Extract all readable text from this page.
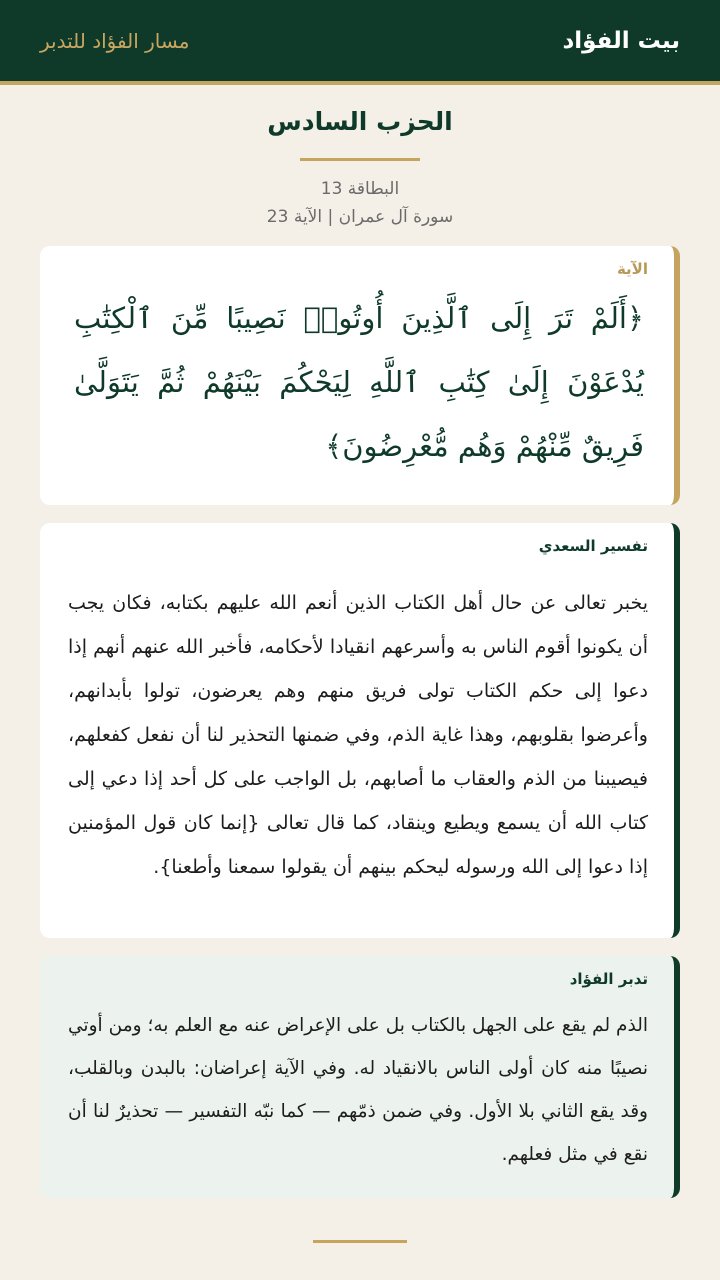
بيت الفؤاد
مسار الفؤاد للتدبر
الحزب السادس
البطاقة 13
سورة آل عمران | الآية 23
الآية

﴿أَلَمْ تَرَ إِلَى ٱلَّذِينَ أُوتُوا۟ نَصِيبًا مِّنَ ٱلْكِتَٰبِ يُدْعَوْنَ إِلَىٰ كِتَٰبِ ٱللَّهِ لِيَحْكُمَ بَيْنَهُمْ ثُمَّ يَتَوَلَّىٰ فَرِيقٌ مِّنْهُمْ وَهُم مُّعْرِضُونَ﴾

تفسير السعدي

يخبر تعالى عن حال أهل الكتاب الذين أنعم الله عليهم بكتابه، فكان يجب أن يكونوا أقوم الناس به وأسرعهم انقيادا لأحكامه، فأخبر الله عنهم أنهم إذا دعوا إلى حكم الكتاب تولى فريق منهم وهم يعرضون، تولوا بأبدانهم، وأعرضوا بقلوبهم، وهذا غاية الذم، وفي ضمنها التحذير لنا أن نفعل كفعلهم، فيصيبنا من الذم والعقاب ما أصابهم، بل الواجب على كل أحد إذا دعي إلى كتاب الله أن يسمع ويطيع وينقاد، كما قال تعالى {إنما كان قول المؤمنين إذا دعوا إلى الله ورسوله ليحكم بينهم أن يقولوا سمعنا وأطعنا}.

تدبر الفؤاد

الذم لم يقع على الجهل بالكتاب بل على الإعراض عنه مع العلم به؛ ومن أوتي نصيبًا منه كان أولى الناس بالانقياد له. وفي الآية إعراضان: بالبدن وبالقلب، وقد يقع الثاني بلا الأول. وفي ضمن ذمّهم — كما نبّه التفسير — تحذيرٌ لنا أن نقع في مثل فعلهم.
